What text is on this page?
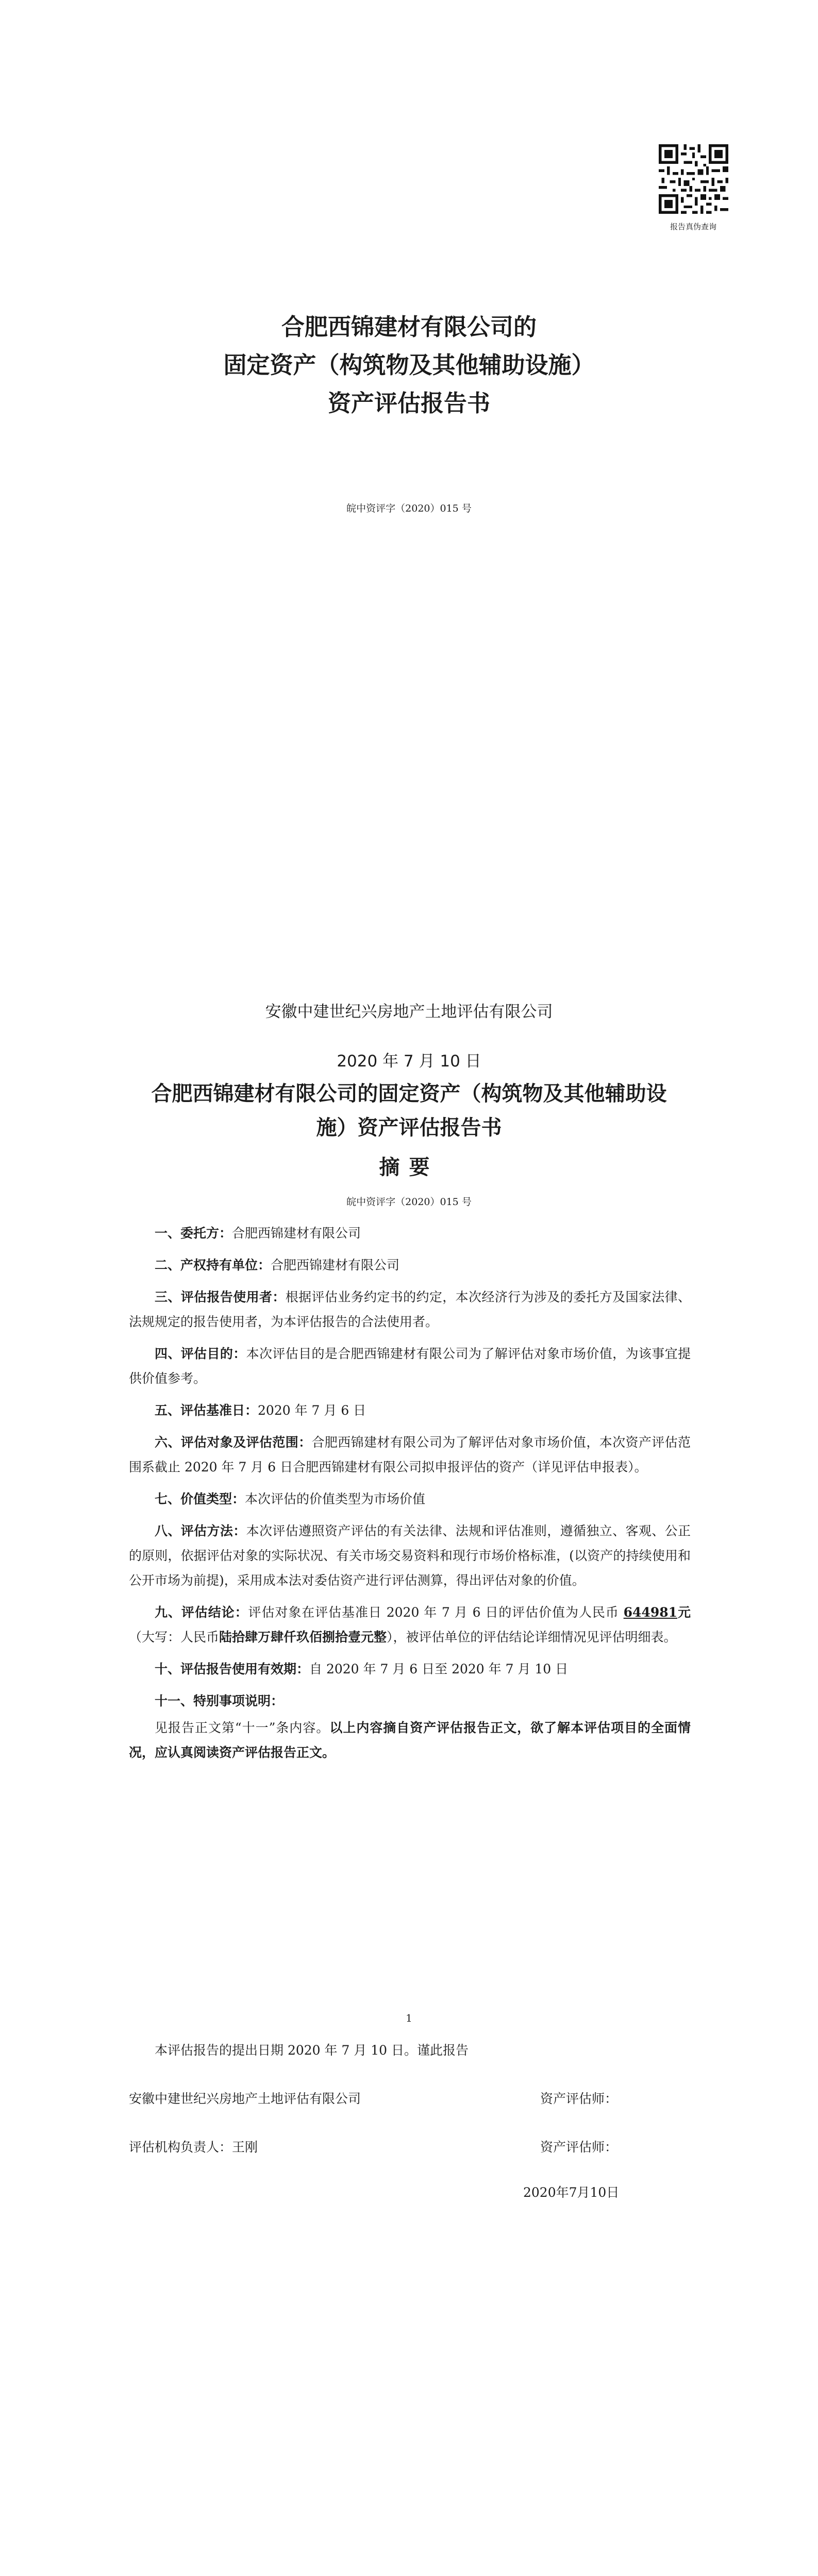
报告真伪查询
合肥西锦建材有限公司的
固定资产（构筑物及其他辅助设施）
资产评估报告书
皖中资评字（2020）015 号
安徽中建世纪兴房地产土地评估有限公司
2020 年 7 月 10 日
合肥西锦建材有限公司的固定资产（构筑物及其他辅助设
施）资产评估报告书
摘要
皖中资评字（2020）015 号

一、委托方：合肥西锦建材有限公司

二、产权持有单位：合肥西锦建材有限公司

三、评估报告使用者：根据评估业务约定书的约定，本次经济行为涉及的委托方及国家法律、法规规定的报告使用者，为本评估报告的合法使用者。

四、评估目的：本次评估目的是合肥西锦建材有限公司为了解评估对象市场价值，为该事宜提供价值参考。

五、评估基准日：2020 年 7 月 6 日

六、评估对象及评估范围：合肥西锦建材有限公司为了解评估对象市场价值，本次资产评估范围系截止 2020 年 7 月 6 日合肥西锦建材有限公司拟申报评估的资产（详见评估申报表）。

七、价值类型：本次评估的价值类型为市场价值

八、评估方法：本次评估遵照资产评估的有关法律、法规和评估准则，遵循独立、客观、公正的原则，依据评估对象的实际状况、有关市场交易资料和现行市场价格标准，(以资产的持续使用和公开市场为前提)，采用成本法对委估资产进行评估测算，得出评估对象的价值。

九、评估结论：评估对象在评估基准日 2020 年 7 月 6 日的评估价值为人民币 644981元（大写：人民币陆拾肆万肆仟玖佰捌拾壹元整），被评估单位的评估结论详细情况见评估明细表。

十、评估报告使用有效期：自 2020 年 7 月 6 日至 2020 年 7 月 10 日

十一、特别事项说明：

见报告正文第“十一”条内容。以上内容摘自资产评估报告正文，欲了解本评估项目的全面情况，应认真阅读资产评估报告正文。

1
本评估报告的提出日期 2020 年 7 月 10 日。谨此报告
安徽中建世纪兴房地产土地评估有限公司	资产评估师：
评估机构负责人：王刚	资产评估师：
2020年7月10日
